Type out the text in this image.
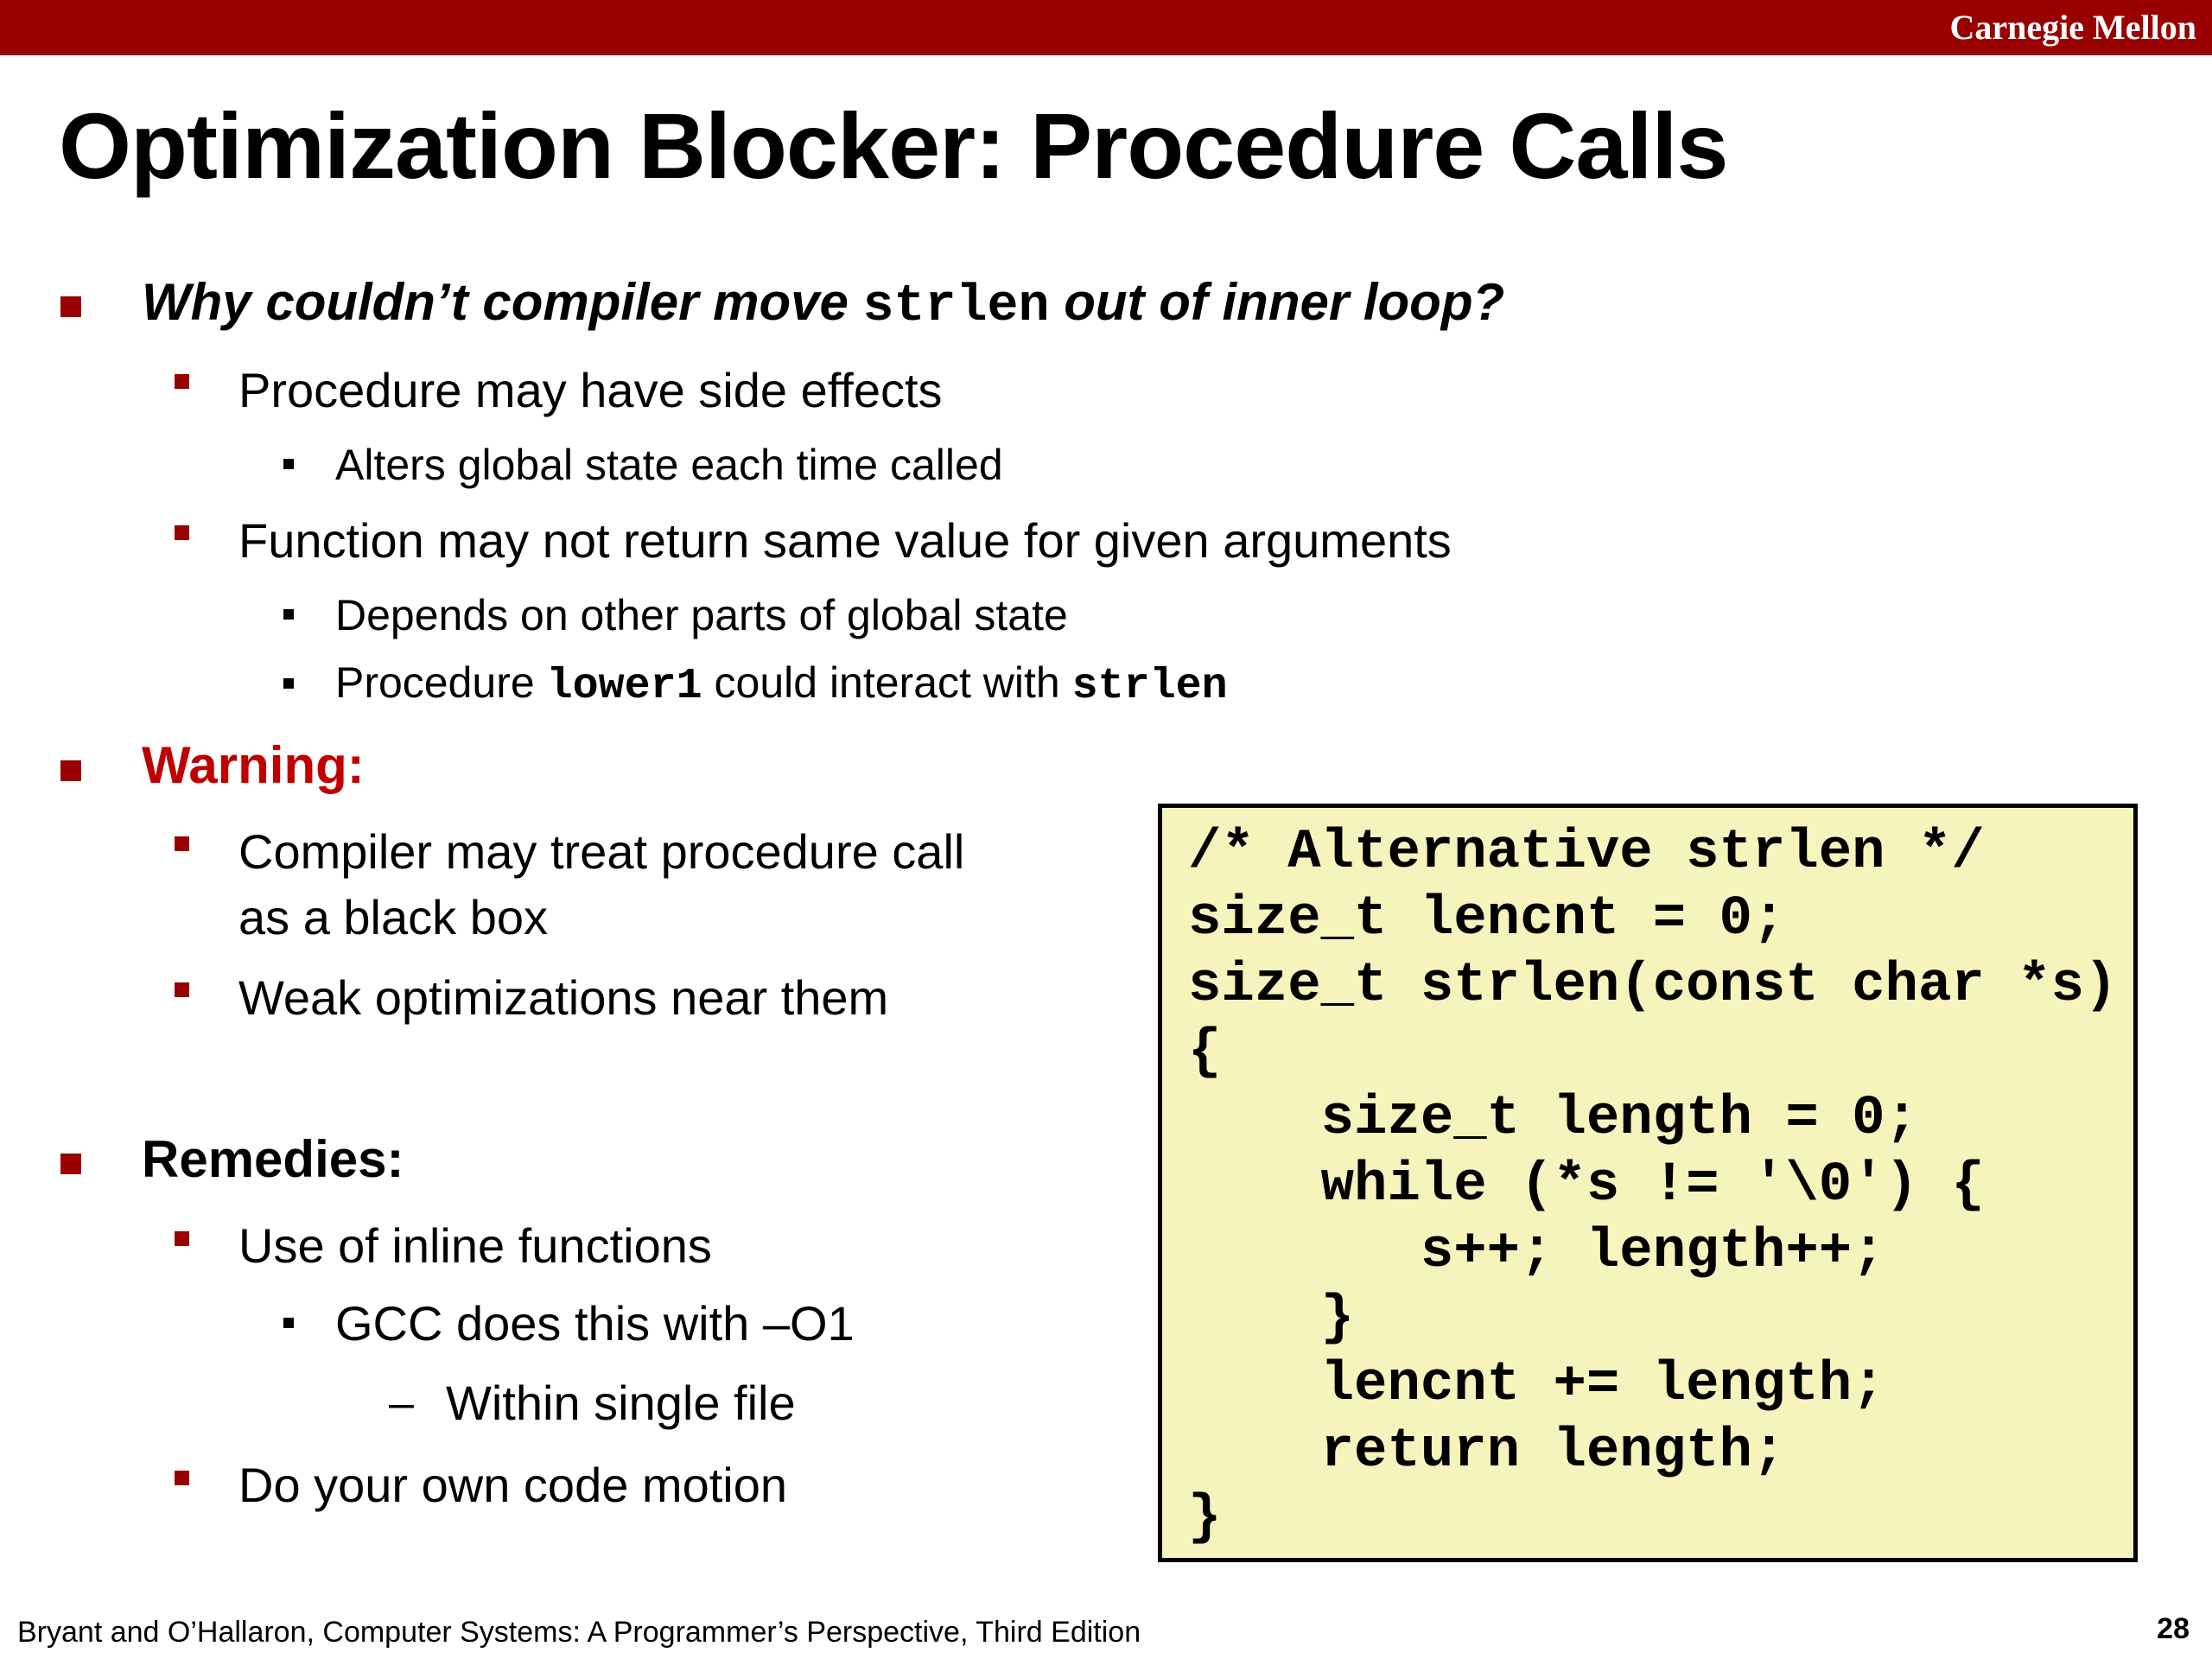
Carnegie Mellon
Optimization Blocker: Procedure Calls
Why couldn’t compiler move strlen out of inner loop?
Procedure may have side effects
Alters global state each time called
Function may not return same value for given arguments
Depends on other parts of global state
Procedure lower1 could interact with strlen
Warning:
Compiler may treat procedure call
as a black box
Weak optimizations near them
Remedies:
Use of inline functions
GCC does this with –O1
– Within single file
Do your own code motion
/* Alternative strlen */
size_t lencnt = 0;
size_t strlen(const char *s)
{
size_t length = 0;
while (*s != '\0') {
s++; length++;
}
lencnt += length;
return length;
}
Bryant and O’Hallaron, Computer Systems: A Programmer’s Perspective, Third Edition	28
